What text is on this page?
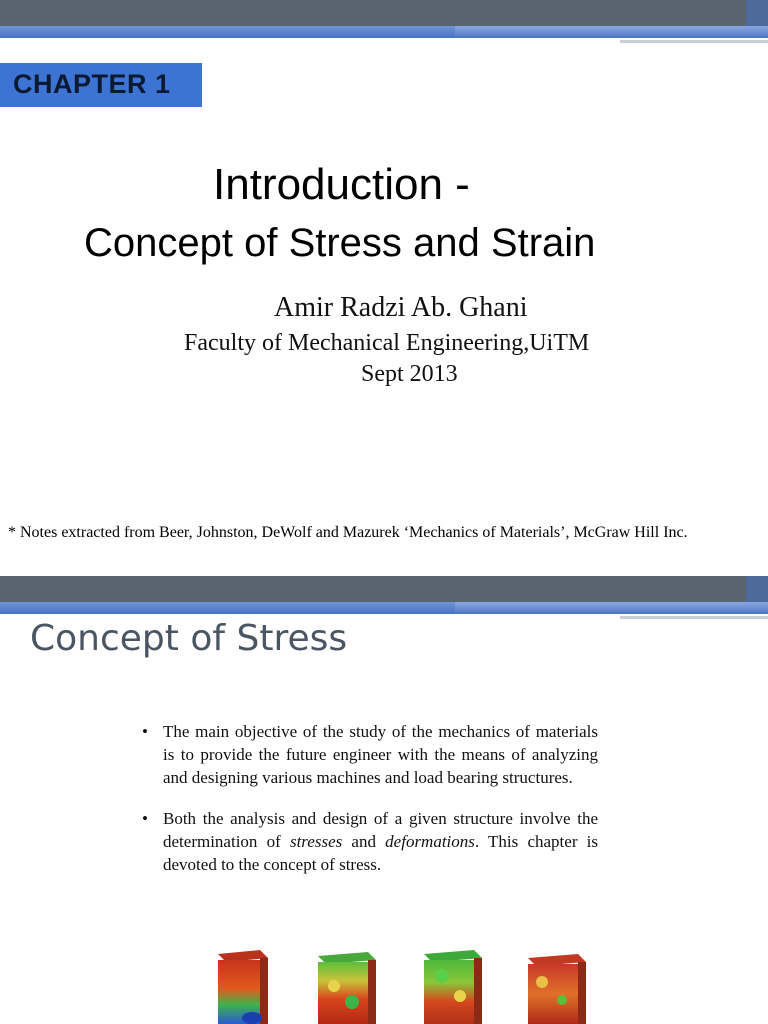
CHAPTER 1
Introduction -
Concept of Stress and Strain
Amir Radzi Ab. Ghani
Faculty of Mechanical Engineering,UiTM
Sept 2013
* Notes extracted from Beer, Johnston, DeWolf and Mazurek ‘Mechanics of Materials’, McGraw Hill Inc.
Concept of Stress
• The main objective of the study of the mechanics of materials is to provide the future engineer with the means of analyzing and designing various machines and load bearing structures.
• Both the analysis and design of a given structure involve the determination of stresses and deformations. This chapter is devoted to the concept of stress.
